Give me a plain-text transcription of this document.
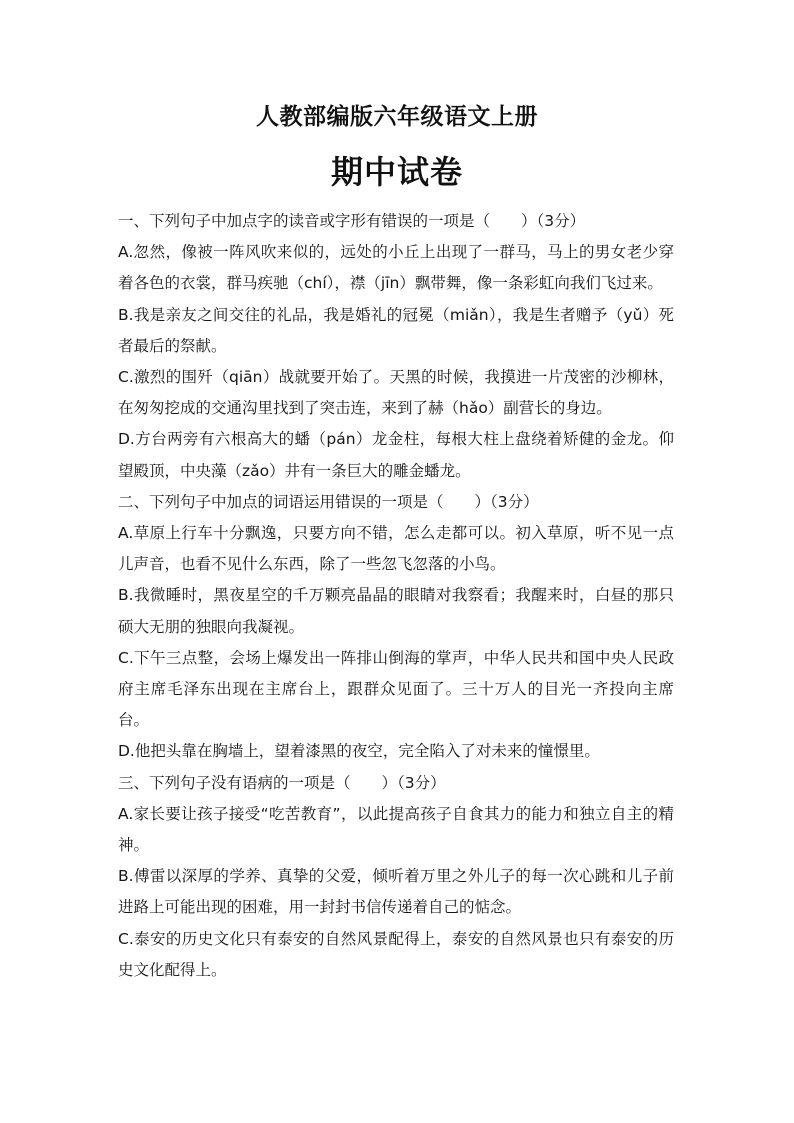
人教部编版六年级语文上册
期中试卷

一、下列句子中加点字的读音或字形有错误的一项是（　　）（3分）

A.忽然，像被一阵风吹来似的，远处的小丘上出现了一群马，马上的男女老少穿着各色的衣裳，群马疾驰（chí），襟（jīn）飘带舞，像一条彩虹向我们飞过来。

B.我是亲友之间交往的礼品，我是婚礼的冠冕（miǎn），我是生者赠予（yǔ）死者最后的祭献。

C.激烈的围歼（qiān）战就要开始了。天黑的时候，我摸进一片茂密的沙柳林，在匆匆挖成的交通沟里找到了突击连，来到了赫（hǎo）副营长的身边。

D.方台两旁有六根高大的蟠（pán）龙金柱，每根大柱上盘绕着矫健的金龙。仰望殿顶，中央藻（zǎo）井有一条巨大的雕金蟠龙。

二、下列句子中加点的词语运用错误的一项是（　　）（3分）

A.草原上行车十分飘逸，只要方向不错，怎么走都可以。初入草原，听不见一点儿声音，也看不见什么东西，除了一些忽飞忽落的小鸟。

B.我微睡时，黑夜星空的千万颗亮晶晶的眼睛对我察看；我醒来时，白昼的那只硕大无朋的独眼向我凝视。

C.下午三点整，会场上爆发出一阵排山倒海的掌声，中华人民共和国中央人民政府主席毛泽东出现在主席台上，跟群众见面了。三十万人的目光一齐投向主席台。

D.他把头靠在胸墙上，望着漆黑的夜空，完全陷入了对未来的憧憬里。

三、下列句子没有语病的一项是（　　）（3分）

A.家长要让孩子接受“吃苦教育”，以此提高孩子自食其力的能力和独立自主的精神。

B.傅雷以深厚的学养、真挚的父爱，倾听着万里之外儿子的每一次心跳和儿子前进路上可能出现的困难，用一封封书信传递着自己的惦念。

C.泰安的历史文化只有泰安的自然风景配得上，泰安的自然风景也只有泰安的历史文化配得上。
